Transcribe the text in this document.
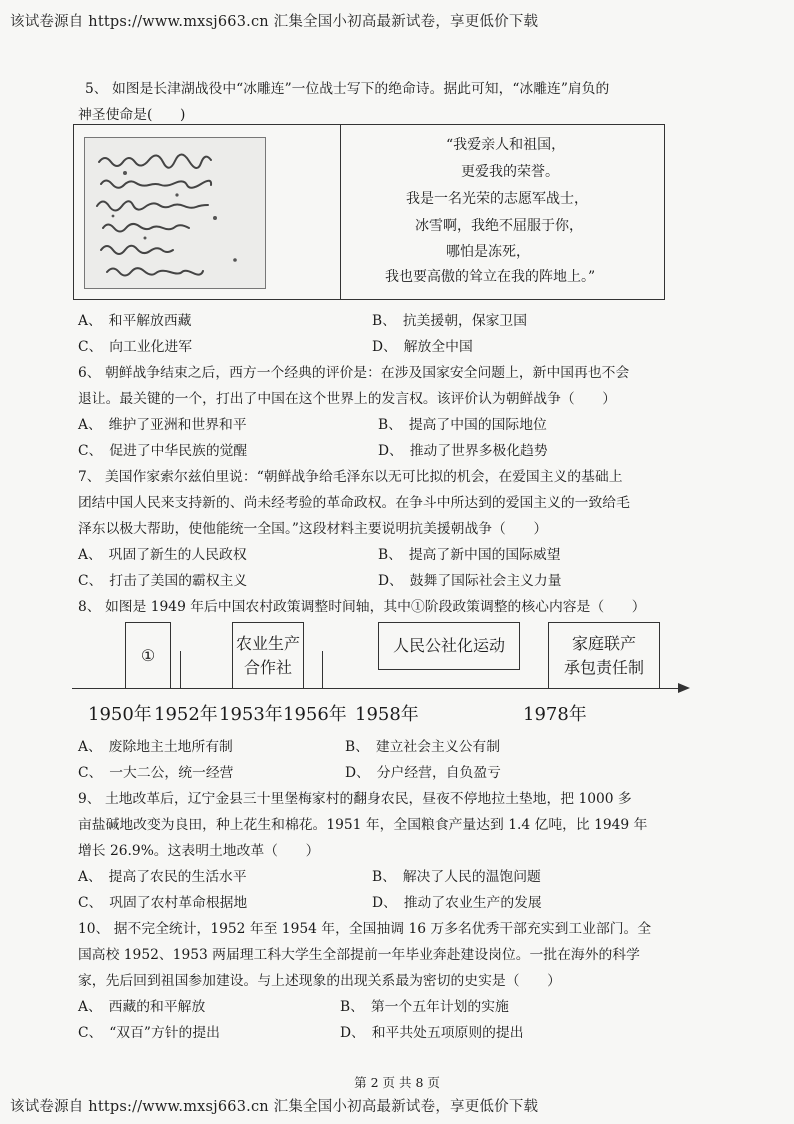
该试卷源自 https://www.mxsj663.cn 汇集全国小初高最新试卷，享更低价下载
该试卷源自 https://www.mxsj663.cn 汇集全国小初高最新试卷，享更低价下载
5、 如图是长津湖战役中“冰雕连”一位战士写下的绝命诗。据此可知，“冰雕连”肩负的
神圣使命是(　　)
“我爱亲人和祖国，
更爱我的荣誉。
我是一名光荣的志愿军战士，
冰雪啊，我绝不屈服于你，
哪怕是冻死，
我也要高傲的耸立在我的阵地上。”
A、　和平解放西藏	B、　抗美援朝，保家卫国
C、　向工业化进军	D、　解放全中国
6、 朝鲜战争结束之后，西方一个经典的评价是：在涉及国家安全问题上，新中国再也不会
退让。最关键的一个，打出了中国在这个世界上的发言权。该评价认为朝鲜战争（　　）
A、　维护了亚洲和世界和平	B、　提高了中国的国际地位
C、　促进了中华民族的觉醒	D、　推动了世界多极化趋势
7、 美国作家索尔兹伯里说：“朝鲜战争给毛泽东以无可比拟的机会，在爱国主义的基础上
团结中国人民来支持新的、尚未经考验的革命政权。在争斗中所达到的爱国主义的一致给毛
泽东以极大帮助，使他能统一全国。”这段材料主要说明抗美援朝战争（　　）
A、　巩固了新生的人民政权	B、　提高了新中国的国际威望
C、　打击了美国的霸权主义	D、　鼓舞了国际社会主义力量
8、 如图是 1949 年后中国农村政策调整时间轴，其中①阶段政策调整的核心内容是（　　）
①
农业生产
合作社
人民公社化运动	家庭联产
承包责任制
1950年 1952年 1953年 1956年 1958年	1978年
A、　废除地主土地所有制	B、　建立社会主义公有制
C、　一大二公，统一经营	D、　分户经营，自负盈亏
9、 土地改革后，辽宁金县三十里堡梅家村的翻身农民，昼夜不停地拉土垫地，把 1000 多
亩盐碱地改变为良田，种上花生和棉花。1951 年，全国粮食产量达到 1.4 亿吨，比 1949 年
增长 26.9%。这表明土地改革（　　）
A、　提高了农民的生活水平	B、　解决了人民的温饱问题
C、　巩固了农村革命根据地	D、　推动了农业生产的发展
10、 据不完全统计，1952 年至 1954 年，全国抽调 16 万多名优秀干部充实到工业部门。全
国高校 1952、1953 两届理工科大学生全部提前一年毕业奔赴建设岗位。一批在海外的科学
家，先后回到祖国参加建设。与上述现象的出现关系最为密切的史实是（　　）
A、　西藏的和平解放	B、　第一个五年计划的实施
C、　“双百”方针的提出	D、　和平共处五项原则的提出
第 2 页 共 8 页
